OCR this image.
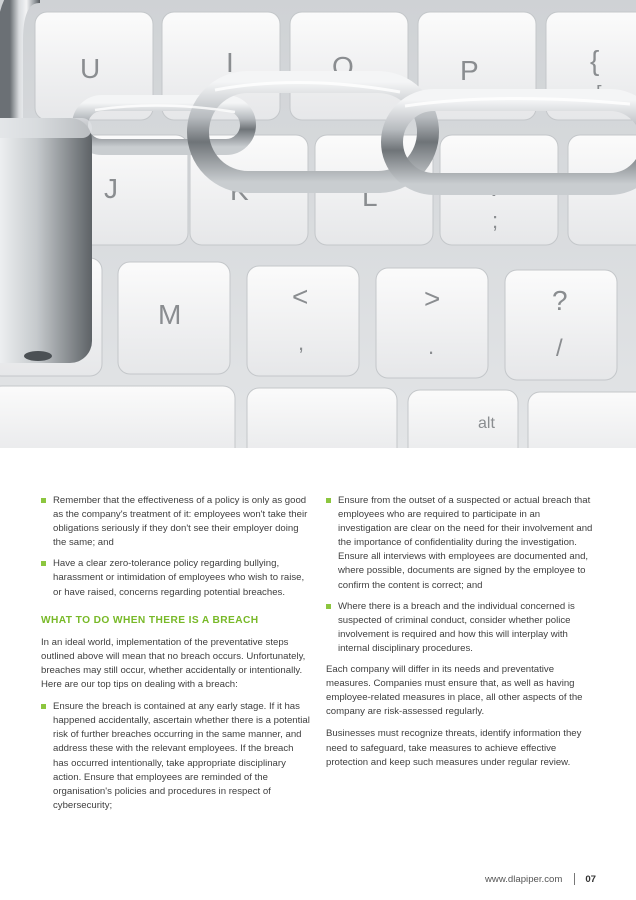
U	I	O	P	{
[
J	K	L	:
;
M
<
,
>
.
?
/
alt
Remember that the effectiveness of a policy is only as good as the company's treatment of it: employees won't take their obligations seriously if they don't see their employer doing the same; and
Have a clear zero-tolerance policy regarding bullying, harassment or intimidation of employees who wish to raise, or have raised, concerns regarding potential breaches.
WHAT TO DO WHEN THERE IS A BREACH

In an ideal world, implementation of the preventative steps outlined above will mean that no breach occurs. Unfortunately, breaches may still occur, whether accidentally or intentionally. Here are our top tips on dealing with a breach:

Ensure the breach is contained at any early stage. If it has happened accidentally, ascertain whether there is a potential risk of further breaches occurring in the same manner, and address these with the relevant employees. If the breach has occurred intentionally, take appropriate disciplinary action. Ensure that employees are reminded of the organisation's policies and procedures in respect of cybersecurity;
Ensure from the outset of a suspected or actual breach that employees who are required to participate in an investigation are clear on the need for their involvement and the importance of confidentiality during the investigation. Ensure all interviews with employees are documented and, where possible, documents are signed by the employee to confirm the content is correct; and
Where there is a breach and the individual concerned is suspected of criminal conduct, consider whether police involvement is required and how this will interplay with internal disciplinary procedures.

Each company will differ in its needs and preventative measures. Companies must ensure that, as well as having employee-related measures in place, all other aspects of the company are risk-assessed regularly.

Businesses must recognize threats, identify information they need to safeguard, take measures to achieve effective protection and keep such measures under regular review.

www.dlapiper.com 07
